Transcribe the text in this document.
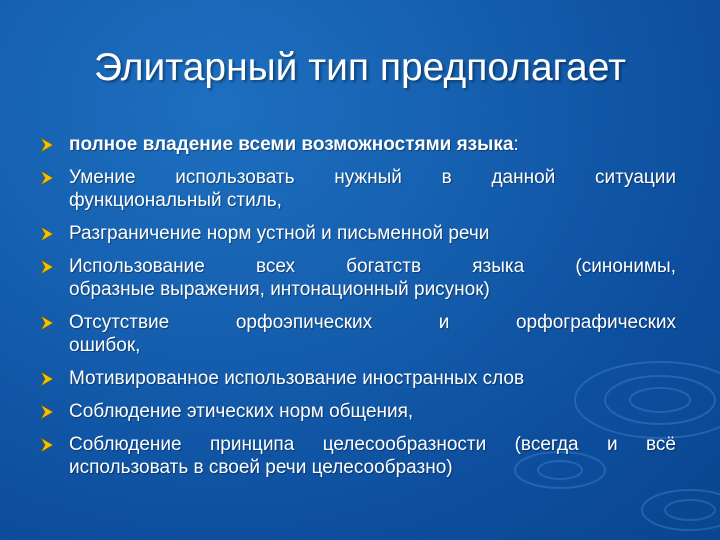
Элитарный тип предполагает
полное владение всеми возможностями языка:
Умение использовать нужный в данной ситуации
функциональный стиль,
Разграничение норм устной и письменной речи
Использование всех богатств языка (синонимы,
образные выражения, интонационный рисунок)
Отсутствие орфоэпических и орфографических
ошибок,
Мотивированное использование иностранных слов
Соблюдение этических норм общения,
Соблюдение принципа целесообразности (всегда и всё
использовать в своей речи целесообразно)
